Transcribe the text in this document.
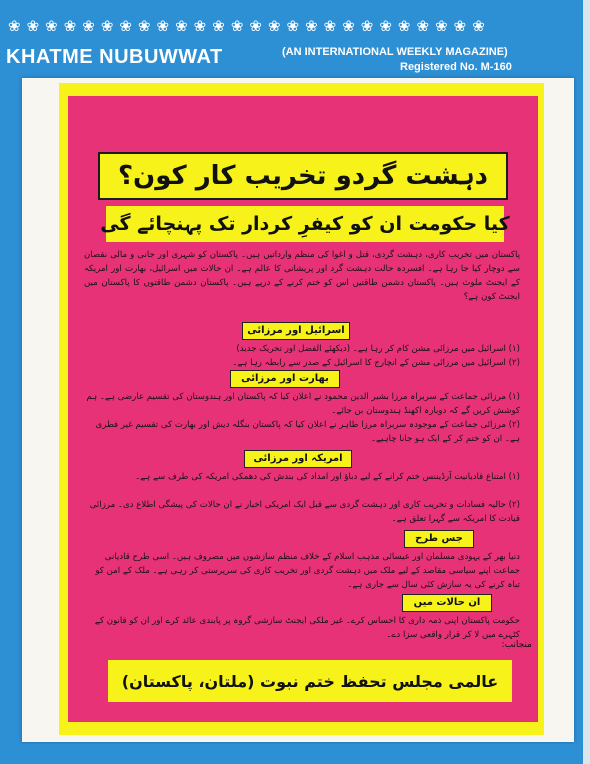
❀❀❀❀❀❀❀❀❀❀❀❀❀❀❀❀❀❀❀❀❀❀❀❀❀❀
KHATME NUBUWWAT	(AN INTERNATIONAL WEEKLY MAGAZINE)
Registered No. M-160
دہشت گردو تخریب کار کون؟
کیا حکومت ان کو کیفرِ کردار تک پہنچائے گی
پاکستان میں تخریب کاری، دہشت گردی، قتل و اغوا کی منظم وارداتیں ہیں۔ پاکستان کو شہری اور جانی و مالی نقصان سے دوچار کیا جا رہا ہے۔ افسردہ حالت دہشت گرد اور پریشانی کا عالم ہے۔ ان حالات میں اسرائیل، بھارت اور امریکہ کے ایجنٹ ملوث ہیں۔ پاکستان دشمن طاقتیں اس کو ختم کرنے کے درپے ہیں۔ پاکستان دشمن طاقتوں کا پاکستان میں ایجنٹ کون ہے؟
اسرائیل اور مرزائی
(۱) اسرائیل میں مرزائی مشن کام کر رہا ہے۔ (دیکھئے الفضل اور تحریک جدید)
(۲) اسرائیل میں مرزائی مشن کے انچارج کا اسرائیل کے صدر سے رابطہ رہا ہے۔
بھارت اور مرزائی
(۱) مرزائی جماعت کے سربراہ مرزا بشیر الدین محمود نے اعلان کیا کہ پاکستان اور ہندوستان کی تقسیم عارضی ہے۔ ہم کوشش کریں گے کہ دوبارہ اکھنڈ ہندوستان بن جائے۔
(۲) مرزائی جماعت کے موجودہ سربراہ مرزا طاہر نے اعلان کیا کہ پاکستان بنگلہ دیش اور بھارت کی تقسیم غیر فطری ہے۔ ان کو ختم کر کے ایک ہو جانا چاہیے۔
امریکہ اور مرزائی
(۱) امتناع قادیانیت آرڈیننس ختم کرانے کے لیے دباؤ اور امداد کی بندش کی دھمکی امریکہ کی طرف سے ہے۔
(۲) حالیہ فسادات و تخریب کاری اور دہشت گردی سے قبل ایک امریکی اخبار نے ان حالات کی پیشگی اطلاع دی۔ مرزائی قیادت کا امریکہ سے گہرا تعلق ہے۔
جس طرح
دنیا بھر کے یہودی مسلمان اور عیسائی مذہب اسلام کے خلاف منظم سازشوں میں مصروف ہیں۔ اسی طرح قادیانی جماعت اپنے سیاسی مقاصد کے لیے ملک میں دہشت گردی اور تخریب کاری کی سرپرستی کر رہی ہے۔ ملک کے امن کو تباہ کرنے کی یہ سازش کئی سال سے جاری ہے۔
ان حالات میں
حکومت پاکستان اپنی ذمہ داری کا احساس کرے۔ غیر ملکی ایجنٹ سازشی گروہ پر پابندی عائد کرے اور ان کو قانون کے کٹہرے میں لا کر قرار واقعی سزا دے۔
منجانب:
عالمی مجلس تحفظ ختم نبوت (ملتان، پاکستان)
